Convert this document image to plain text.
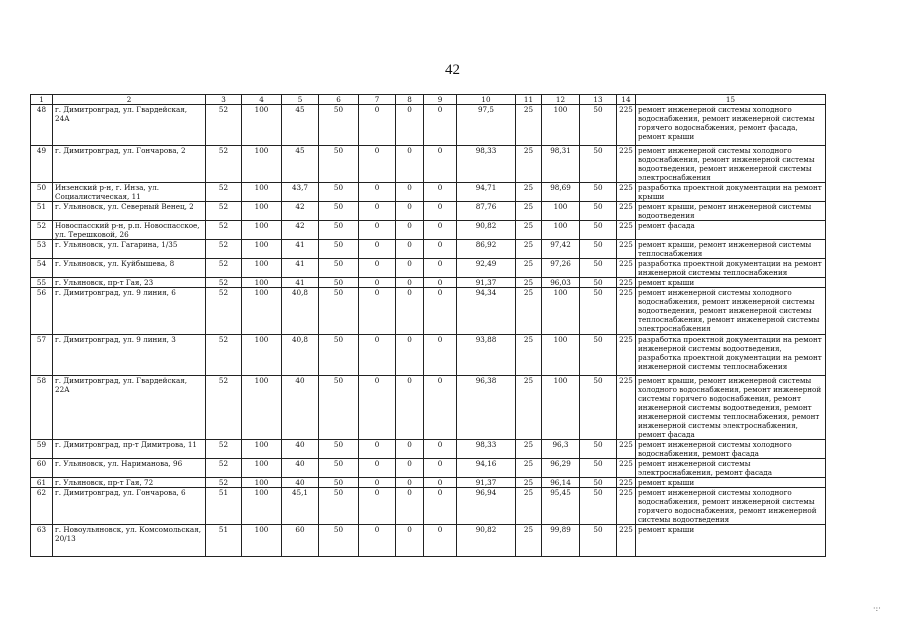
42
1	2	3	4	5	6	7	8	9	10	11	12	13	14	15
48	г. Димитровград, ул. Гвардейская, 24А	52	100	45	50	0	0	0	97,5	25	100	50	225	ремонт инженерной системы холодного водоснабжения, ремонт инженерной системы горячего водоснабжения, ремонт фасада, ремонт крыши
49	г. Димитровград, ул. Гончарова, 2	52	100	45	50	0	0	0	98,33	25	98,31	50	225	ремонт инженерной системы холодного водоснабжения, ремонт инженерной системы водоотведения, ремонт инженерной системы электроснабжения
50	Инзенский р-н, г. Инза, ул. Социалистическая, 11	52	100	43,7	50	0	0	0	94,71	25	98,69	50	225	разработка проектной документации на ремонт крыши
51	г. Ульяновск, ул. Северный Венец, 2	52	100	42	50	0	0	0	87,76	25	100	50	225	ремонт крыши, ремонт инженерной системы водоотведения
52	Новоспасский р-н, р.п. Новоспасское, ул. Терешковой, 26	52	100	42	50	0	0	0	90,82	25	100	50	225	ремонт фасада
53	г. Ульяновск, ул. Гагарина, 1/35	52	100	41	50	0	0	0	86,92	25	97,42	50	225	ремонт крыши, ремонт инженерной системы теплоснабжения
54	г. Ульяновск, ул. Куйбышева, 8	52	100	41	50	0	0	0	92,49	25	97,26	50	225	разработка проектной документации на ремонт инженерной системы теплоснабжения
55	г. Ульяновск, пр-т Гая, 23	52	100	41	50	0	0	0	91,37	25	96,03	50	225	ремонт крыши
56	г. Димитровград, ул. 9 линия, 6	52	100	40,8	50	0	0	0	94,34	25	100	50	225	ремонт инженерной системы холодного водоснабжения, ремонт инженерной системы водоотведения, ремонт инженерной системы теплоснабжения, ремонт инженерной системы электроснабжения
57	г. Димитровград, ул. 9 линия, 3	52	100	40,8	50	0	0	0	93,88	25	100	50	225	разработка проектной документации на ремонт инженерной системы водоотведения, разработка проектной документации на ремонт инженерной системы теплоснабжения
58	г. Димитровград, ул. Гвардейская, 22А	52	100	40	50	0	0	0	96,38	25	100	50	225	ремонт крыши, ремонт инженерной системы холодного водоснабжения, ремонт инженерной системы горячего водоснабжения, ремонт инженерной системы водоотведения, ремонт инженерной системы теплоснабжения, ремонт инженерной системы электроснабжения, ремонт фасада
59	г. Димитровград, пр-т Димитрова, 11	52	100	40	50	0	0	0	98,33	25	96,3	50	225	ремонт инженерной системы холодного водоснабжения, ремонт фасада
60	г. Ульяновск, ул. Нариманова, 96	52	100	40	50	0	0	0	94,16	25	96,29	50	225	ремонт инженерной системы электроснабжения, ремонт фасада
61	г. Ульяновск, пр-т Гая, 72	52	100	40	50	0	0	0	91,37	25	96,14	50	225	ремонт крыши
62	г. Димитровград, ул. Гончарова, 6	51	100	45,1	50	0	0	0	96,94	25	95,45	50	225	ремонт инженерной системы холодного водоснабжения, ремонт инженерной системы горячего водоснабжения, ремонт инженерной системы водоотведения
63	г. Новоульяновск, ул. Комсомольская, 20/13	51	100	60	50	0	0	0	90,82	25	99,89	50	225	ремонт крыши
·:·
